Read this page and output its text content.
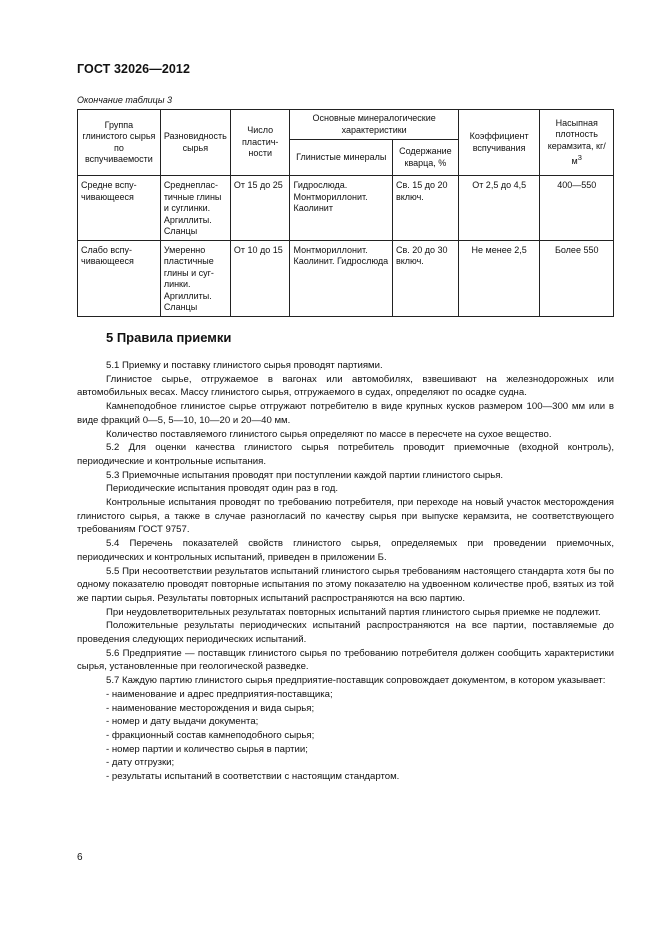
ГОСТ 32026—2012
Окончание таблицы 3
Группа глинистого сырья по вспучиваемости	Разновидность сырья	Число пластич-ности	Основные минералогические характеристики		Коэффициент вспучивания	Насыпная плотность керамзита, $кг/м^3$
			Глинистые минералы	Содержание кварца, %		
Средне вспу-чивающееся	Среднеплас-тичные глины и суглинки. Аргиллиты. Сланцы	От 15 до 25	Гидрослюда. Монтмориллонит. Каолинит	Св. 15 до 20 включ.	От 2,5 до 4,5	400—550
Слабо вспу-чивающееся	Умеренно пластичные глины и суг-линки. Аргиллиты. Сланцы	От 10 до 15	Монтмориллонит. Каолинит. Гидрослюда	Св. 20 до 30 включ.	Не менее 2,5	Более 550
5 Правила приемки

5.1 Приемку и поставку глинистого сырья проводят партиями.

Глинистое сырье, отгружаемое в вагонах или автомобилях, взвешивают на железнодорожных или автомобильных весах. Массу глинистого сырья, отгружаемого в судах, определяют по осадке судна.

Камнеподобное глинистое сырье отгружают потребителю в виде крупных кусков размером 100—300 мм или в виде фракций 0—5, 5—10, 10—20 и 20—40 мм.

Количество поставляемого глинистого сырья определяют по массе в пересчете на сухое вещество.

5.2 Для оценки качества глинистого сырья потребитель проводит приемочные (входной контроль), периодические и контрольные испытания.

5.3 Приемочные испытания проводят при поступлении каждой партии глинистого сырья.

Периодические испытания проводят один раз в год.

Контрольные испытания проводят по требованию потребителя, при переходе на новый участок месторождения глинистого сырья, а также в случае разногласий по качеству сырья при выпуске керамзита, не соответствующего требованиям ГОСТ 9757.

5.4 Перечень показателей свойств глинистого сырья, определяемых при проведении приемочных, периодических и контрольных испытаний, приведен в приложении Б.

5.5 При несоответствии результатов испытаний глинистого сырья требованиям настоящего стандарта хотя бы по одному показателю проводят повторные испытания по этому показателю на удвоенном количестве проб, взятых из той же партии сырья. Результаты повторных испытаний распространяются на всю партию.

При неудовлетворительных результатах повторных испытаний партия глинистого сырья приемке не подлежит.

Положительные результаты периодических испытаний распространяются на все партии, поставляемые до проведения следующих периодических испытаний.

5.6 Предприятие — поставщик глинистого сырья по требованию потребителя должен сообщить характеристики сырья, установленные при геологической разведке.

5.7 Каждую партию глинистого сырья предприятие-поставщик сопровождает документом, в котором указывает:

- наименование и адрес предприятия-поставщика;

- наименование месторождения и вида сырья;

- номер и дату выдачи документа;

- фракционный состав камнеподобного сырья;

- номер партии и количество сырья в партии;

- дату отгрузки;

- результаты испытаний в соответствии с настоящим стандартом.

6
